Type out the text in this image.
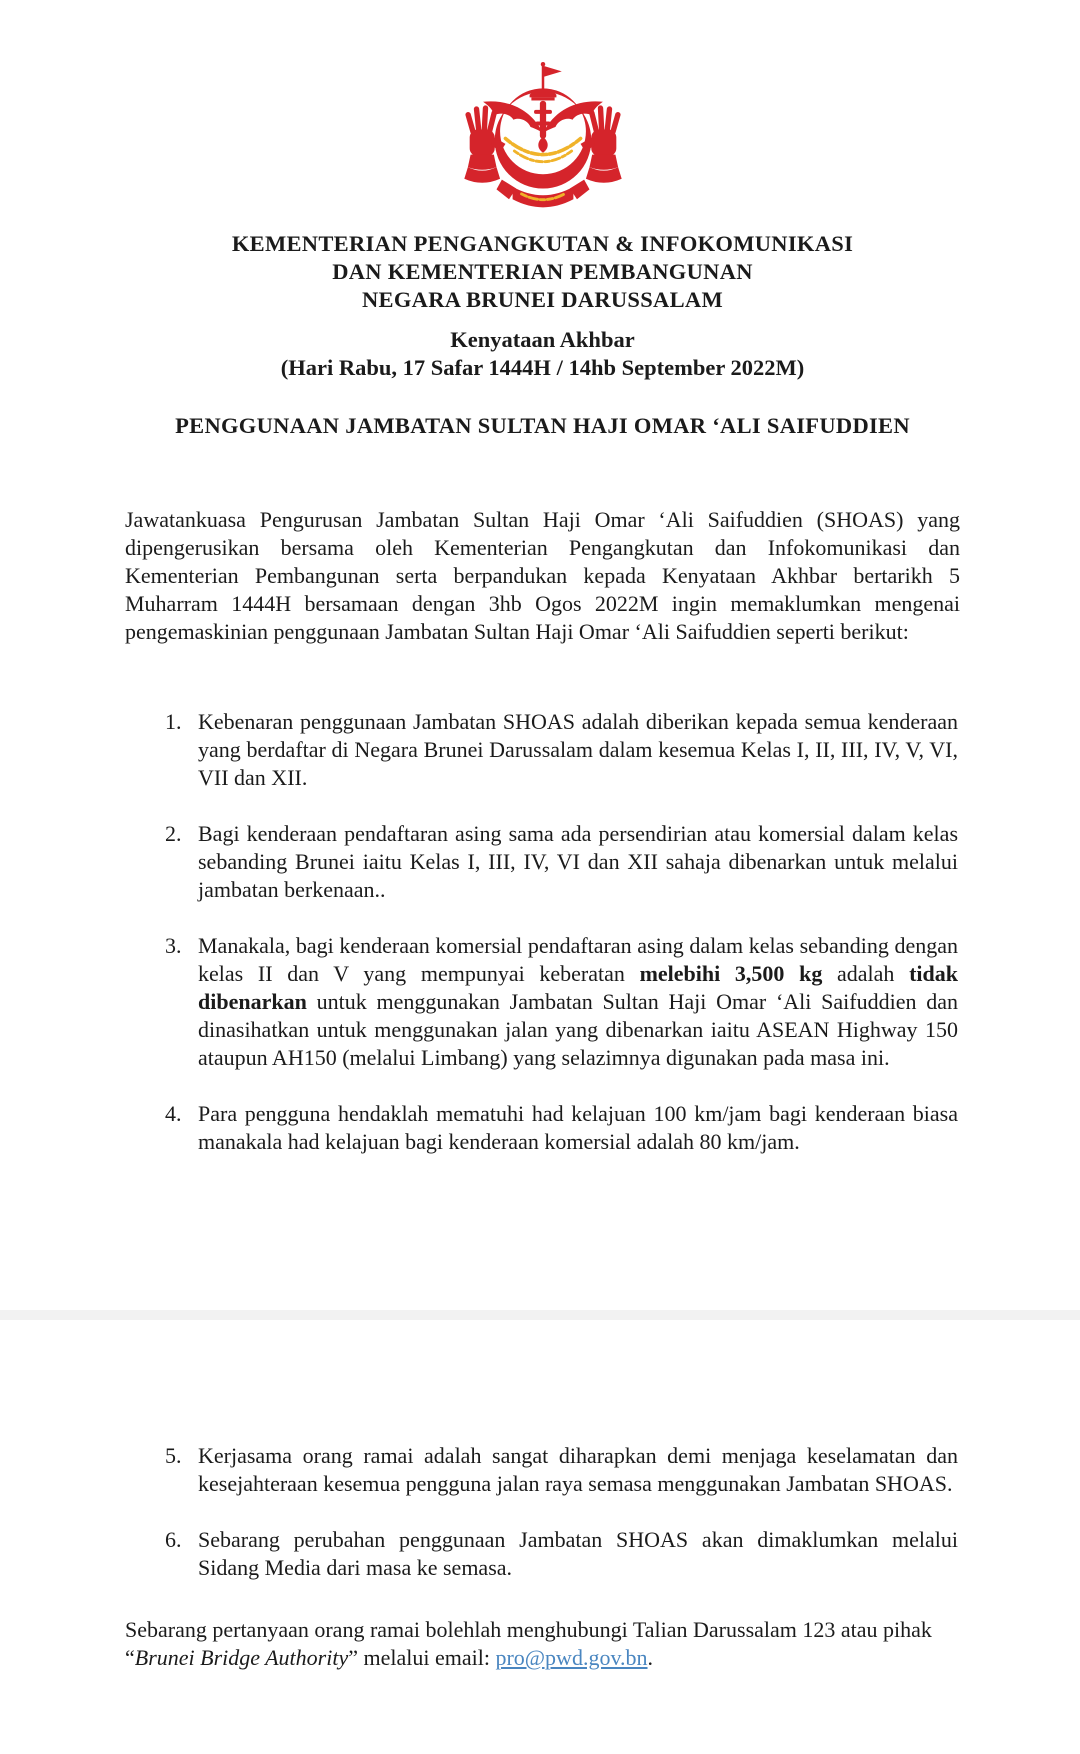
KEMENTERIAN PENGANGKUTAN & INFOKOMUNIKASI
DAN KEMENTERIAN PEMBANGUNAN
NEGARA BRUNEI DARUSSALAM
Kenyataan Akhbar
(Hari Rabu, 17 Safar 1444H / 14hb September 2022M)
PENGGUNAAN JAMBATAN SULTAN HAJI OMAR ‘ALI SAIFUDDIEN

Jawatankuasa Pengurusan Jambatan Sultan Haji Omar ‘Ali Saifuddien (SHOAS) yang dipengerusikan bersama oleh Kementerian Pengangkutan dan Infokomunikasi dan Kementerian Pembangunan serta berpandukan kepada Kenyataan Akhbar bertarikh 5 Muharram 1444H bersamaan dengan 3hb Ogos 2022M ingin memaklumkan mengenai pengemaskinian penggunaan Jambatan Sultan Haji Omar ‘Ali Saifuddien seperti berikut:

1. Kebenaran penggunaan Jambatan SHOAS adalah diberikan kepada semua kenderaan yang berdaftar di Negara Brunei Darussalam dalam kesemua Kelas I, II, III, IV, V, VI, VII dan XII.
2. Bagi kenderaan pendaftaran asing sama ada persendirian atau komersial dalam kelas sebanding Brunei iaitu Kelas I, III, IV, VI dan XII sahaja dibenarkan untuk melalui jambatan berkenaan..
3. Manakala, bagi kenderaan komersial pendaftaran asing dalam kelas sebanding dengan kelas II dan V yang mempunyai keberatan melebihi 3,500 kg adalah tidak dibenarkan untuk menggunakan Jambatan Sultan Haji Omar ‘Ali Saifuddien dan dinasihatkan untuk menggunakan jalan yang dibenarkan iaitu ASEAN Highway 150 ataupun AH150 (melalui Limbang) yang selazimnya digunakan pada masa ini.
4. Para pengguna hendaklah mematuhi had kelajuan 100 km/jam bagi kenderaan biasa manakala had kelajuan bagi kenderaan komersial adalah 80 km/jam.
5. Kerjasama orang ramai adalah sangat diharapkan demi menjaga keselamatan dan kesejahteraan kesemua pengguna jalan raya semasa menggunakan Jambatan SHOAS.
6. Sebarang perubahan penggunaan Jambatan SHOAS akan dimaklumkan melalui Sidang Media dari masa ke semasa.

Sebarang pertanyaan orang ramai bolehlah menghubungi Talian Darussalam 123 atau pihak “Brunei Bridge Authority” melalui email: pro@pwd.gov.bn.
